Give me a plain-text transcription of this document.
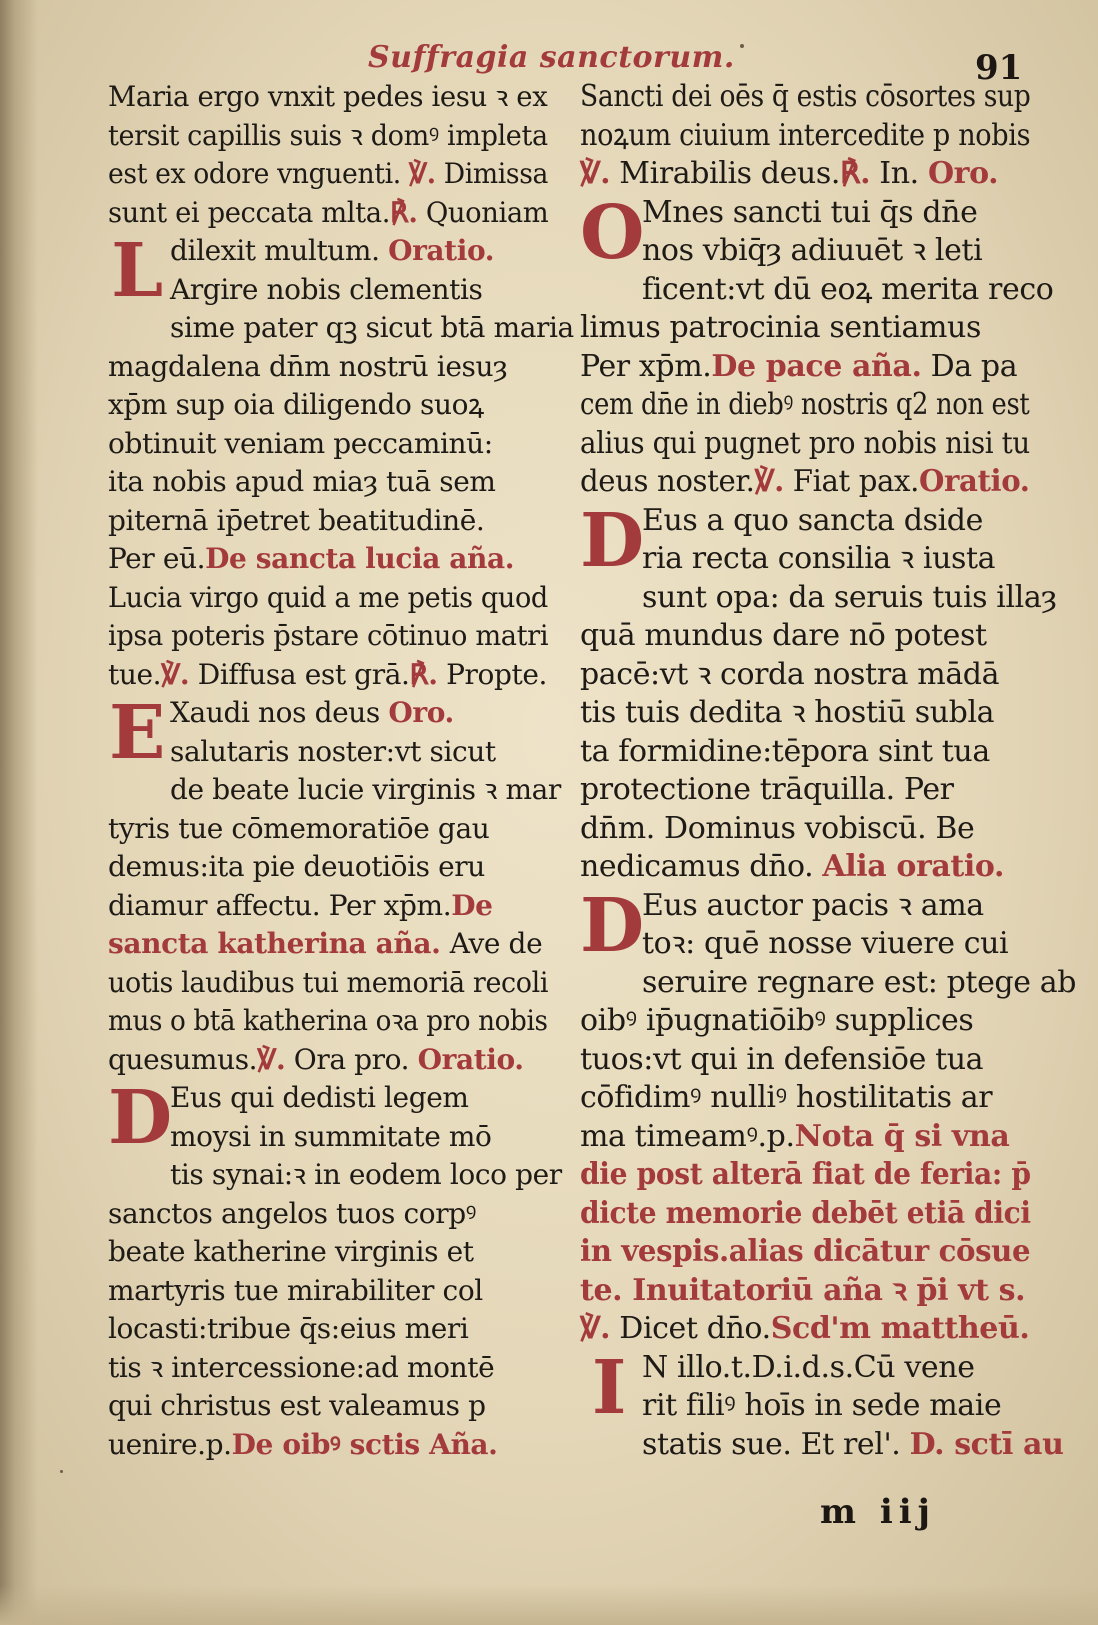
Suffragia sanctorum.	91
Maria ergo vnxit pedes iesu ꝛ ex
tersit capillis suis ꝛ domꝰ impleta
est ex odore vnguenti. ℣. Dimissa
sunt ei peccata mlta.℟. Quoniam
Ldilexit multum. Oratio.
Argire nobis clementis
sime pater qꝫ sicut btā maria
magdalena dn̄m nostrū iesuȝ
xp̄m sup oia diligendo suoꝝ
obtinuit veniam peccaminū:
ita nobis apud miaȝ tuā sem
piternā ip̄etret beatitudinē.
Per eū.De sancta lucia aña.
Lucia virgo quid a me petis quod
ipsa poteris p̄stare cōtinuo matri
tue.℣. Diffusa est grā.℟. Propte.
E Xaudi nos deus Oro.
salutaris noster:vt sicut
de beate lucie virginis ꝛ mar
tyris tue cōmemoratiōe gau
demus:ita pie deuotiōis eru
diamur affectu. Per xp̄m.De
sancta katherina aña. Ave de
uotis laudibus tui memoriā recoli
mus o btā katherina oꝛa pro nobis
quesumus.℣. Ora pro. Oratio.
D
Eus qui dedisti legem
moysi in summitate mō
tis synai:ꝛ in eodem loco per
sanctos angelos tuos corpꝰ
beate katherine virginis et
martyris tue mirabiliter col
locasti:tribue q̄s:eius meri
tis ꝛ intercessione:ad montē
qui christus est valeamus p
uenire.p.De oibꝰ sctis Aña.
Sancti dei oēs q̄ estis cōsortes sup
noꝝum ciuium intercedite p nobis
℣. Mirabilis deus.℟. In. Oro.
O
Mnes sancti tui q̄s dn̄e
nos vbiq̄ȝ adiuuēt ꝛ leti
ficent:vt dū eoꝝ merita reco
limus patrocinia sentiamus
Per xp̄m.De pace aña. Da pa
cem dn̄e in diebꝰ nostris q2 non est
alius qui pugnet pro nobis nisi tu
deus noster.℣. Fiat pax.Oratio.
D
Eus a quo sancta dside
ria recta consilia ꝛ iusta
sunt opa: da seruis tuis illaȝ
quā mundus dare nō potest
pacē:vt ꝛ corda nostra mādā
tis tuis dedita ꝛ hostiū subla
ta formidine:tēpora sint tua
protectione trāquilla. Per
dn̄m. Dominus vobiscū. Be
nedicamus dn̄o. Alia oratio.
D
Eus auctor pacis ꝛ ama
toꝛ: quē nosse viuere cui
seruire regnare est: ptege ab
oibꝰ ip̄ugnatiōibꝰ supplices
tuos:vt qui in defensiōe tua
cōfidimꝰ nulliꝰ hostilitatis ar
ma timeamꝰ.p.Nota q̄ si vna
die post alterā fiat de feria: p̄
dicte memorie debēt etiā dici
in vespis.alias dicātur cōsue
te. Inuitatoriū aña ꝛ p̄i vt s.
℣. Dicet dn̄o.Scd'm mattheū.
I N illo.t.D.i.d.s.Cū vene
rit filiꝰ hoīs in sede maie
statis sue. Et rel'. D. sctī au
m iij
